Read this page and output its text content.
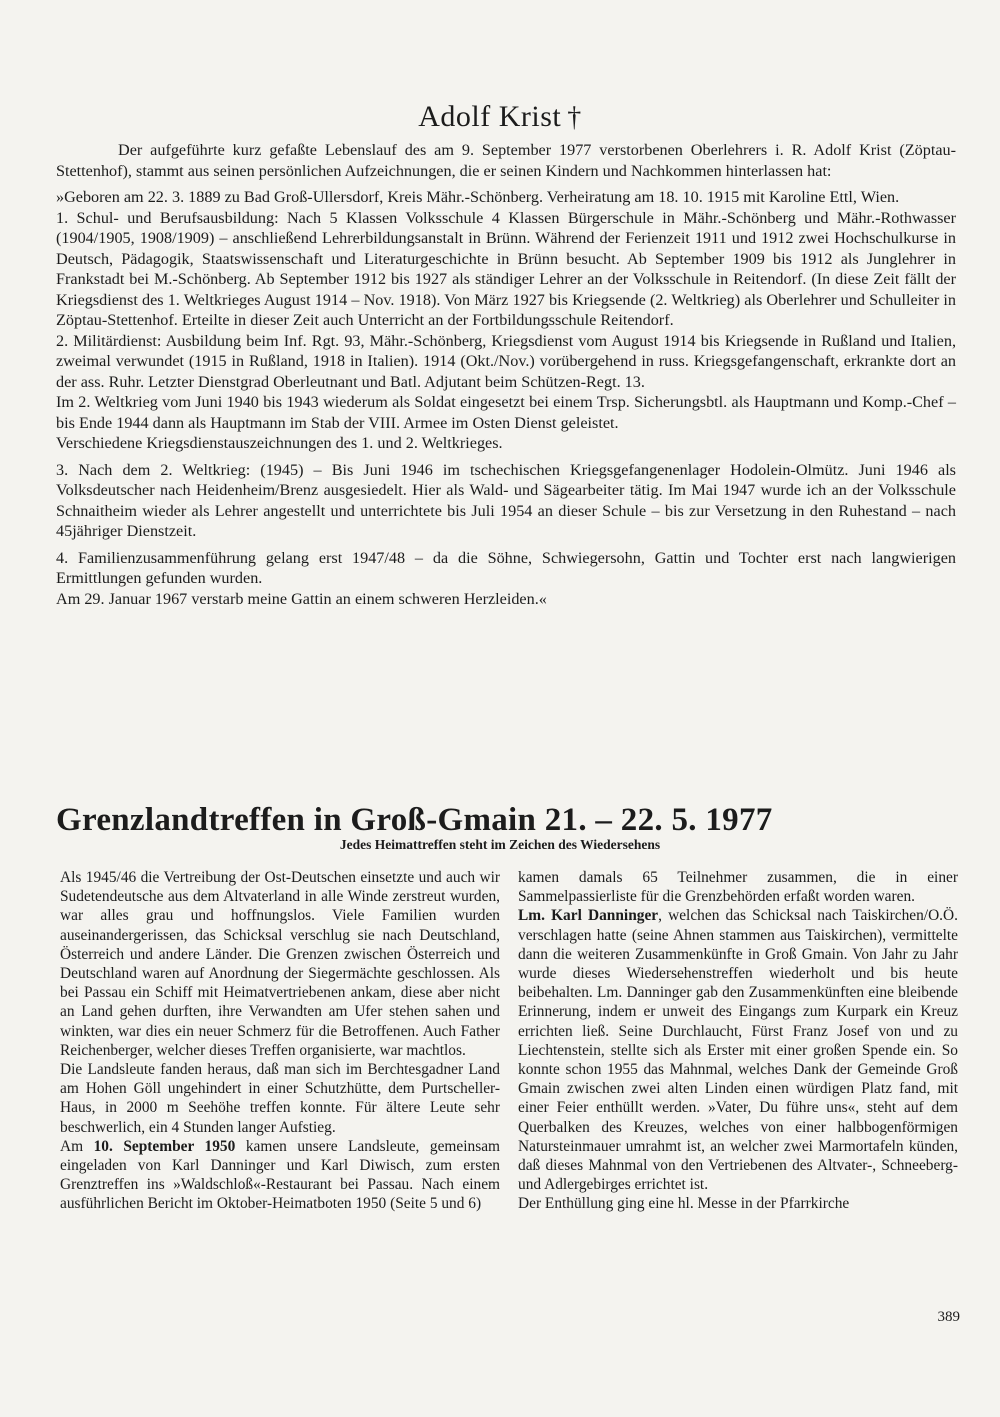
Adolf Krist †

Der aufgeführte kurz gefaßte Lebenslauf des am 9. September 1977 verstorbenen Oberlehrers i. R. Adolf Krist (Zöptau-Stettenhof), stammt aus seinen persönlichen Aufzeichnungen, die er seinen Kindern und Nachkommen hinterlassen hat:

»Geboren am 22. 3. 1889 zu Bad Groß-Ullersdorf, Kreis Mähr.-Schönberg. Verheiratung am 18. 10. 1915 mit Karoline Ettl, Wien.

1. Schul- und Berufsausbildung: Nach 5 Klassen Volksschule 4 Klassen Bürgerschule in Mähr.-Schönberg und Mähr.-Rothwasser (1904/1905, 1908/1909) – anschließend Lehrerbildungsanstalt in Brünn. Während der Ferienzeit 1911 und 1912 zwei Hochschulkurse in Deutsch, Pädagogik, Staatswissenschaft und Literaturgeschichte in Brünn besucht. Ab September 1909 bis 1912 als Junglehrer in Frankstadt bei M.-Schönberg. Ab September 1912 bis 1927 als ständiger Lehrer an der Volksschule in Reitendorf. (In diese Zeit fällt der Kriegsdienst des 1. Weltkrieges August 1914 – Nov. 1918). Von März 1927 bis Kriegsende (2. Weltkrieg) als Oberlehrer und Schulleiter in Zöptau-Stettenhof. Erteilte in dieser Zeit auch Unterricht an der Fortbildungsschule Reitendorf.

2. Militärdienst: Ausbildung beim Inf. Rgt. 93, Mähr.-Schönberg, Kriegsdienst vom August 1914 bis Kriegsende in Rußland und Italien, zweimal verwundet (1915 in Rußland, 1918 in Italien). 1914 (Okt./Nov.) vorübergehend in russ. Kriegsgefangenschaft, erkrankte dort an der ass. Ruhr. Letzter Dienstgrad Oberleutnant und Batl. Adjutant beim Schützen-Regt. 13.

Im 2. Weltkrieg vom Juni 1940 bis 1943 wiederum als Soldat eingesetzt bei einem Trsp. Sicherungsbtl. als Hauptmann und Komp.-Chef – bis Ende 1944 dann als Hauptmann im Stab der VIII. Armee im Osten Dienst geleistet.

Verschiedene Kriegsdienstauszeichnungen des 1. und 2. Weltkrieges.

3. Nach dem 2. Weltkrieg: (1945) – Bis Juni 1946 im tschechischen Kriegsgefangenenlager Hodolein-Olmütz. Juni 1946 als Volksdeutscher nach Heidenheim/Brenz ausgesiedelt. Hier als Wald- und Sägearbeiter tätig. Im Mai 1947 wurde ich an der Volksschule Schnaitheim wieder als Lehrer angestellt und unterrichtete bis Juli 1954 an dieser Schule – bis zur Versetzung in den Ruhestand – nach 45jähriger Dienstzeit.

4. Familienzusammenführung gelang erst 1947/48 – da die Söhne, Schwiegersohn, Gattin und Tochter erst nach langwierigen Ermittlungen gefunden wurden.

Am 29. Januar 1967 verstarb meine Gattin an einem schweren Herzleiden.«

Grenzlandtreffen in Groß-Gmain 21. – 22. 5. 1977
Jedes Heimattreffen steht im Zeichen des Wiedersehens

Als 1945/46 die Vertreibung der Ost-Deutschen einsetzte und auch wir Sudetendeutsche aus dem Altvaterland in alle Winde zerstreut wurden, war alles grau und hoffnungslos. Viele Familien wurden auseinandergerissen, das Schicksal verschlug sie nach Deutschland, Österreich und andere Länder. Die Grenzen zwischen Österreich und Deutschland waren auf Anordnung der Siegermächte geschlossen. Als bei Passau ein Schiff mit Heimatvertriebenen ankam, diese aber nicht an Land gehen durften, ihre Verwandten am Ufer stehen sahen und winkten, war dies ein neuer Schmerz für die Betroffenen. Auch Father Reichenberger, welcher dieses Treffen organisierte, war machtlos.

Die Landsleute fanden heraus, daß man sich im Berchtesgadner Land am Hohen Göll ungehindert in einer Schutzhütte, dem Purtscheller-Haus, in 2000 m Seehöhe treffen konnte. Für ältere Leute sehr beschwerlich, ein 4 Stunden langer Aufstieg.

Am 10. September 1950 kamen unsere Landsleute, gemeinsam eingeladen von Karl Danninger und Karl Diwisch, zum ersten Grenztreffen ins »Waldschloß«-Restaurant bei Passau. Nach einem ausführlichen Bericht im Oktober-Heimatboten 1950 (Seite 5 und 6)

kamen damals 65 Teilnehmer zusammen, die in einer Sammelpassierliste für die Grenzbehörden erfaßt worden waren.

Lm. Karl Danninger, welchen das Schicksal nach Taiskirchen/O.Ö. verschlagen hatte (seine Ahnen stammen aus Taiskirchen), vermittelte dann die weiteren Zusammenkünfte in Groß Gmain. Von Jahr zu Jahr wurde dieses Wiedersehenstreffen wiederholt und bis heute beibehalten. Lm. Danninger gab den Zusammenkünften eine bleibende Erinnerung, indem er unweit des Eingangs zum Kurpark ein Kreuz errichten ließ. Seine Durchlaucht, Fürst Franz Josef von und zu Liechtenstein, stellte sich als Erster mit einer großen Spende ein. So konnte schon 1955 das Mahnmal, welches Dank der Gemeinde Groß Gmain zwischen zwei alten Linden einen würdigen Platz fand, mit einer Feier enthüllt werden. »Vater, Du führe uns«, steht auf dem Querbalken des Kreuzes, welches von einer halbbogenförmigen Natursteinmauer umrahmt ist, an welcher zwei Marmortafeln künden, daß dieses Mahnmal von den Vertriebenen des Altvater-, Schneeberg- und Adlergebirges errichtet ist.

Der Enthüllung ging eine hl. Messe in der Pfarrkirche

389
